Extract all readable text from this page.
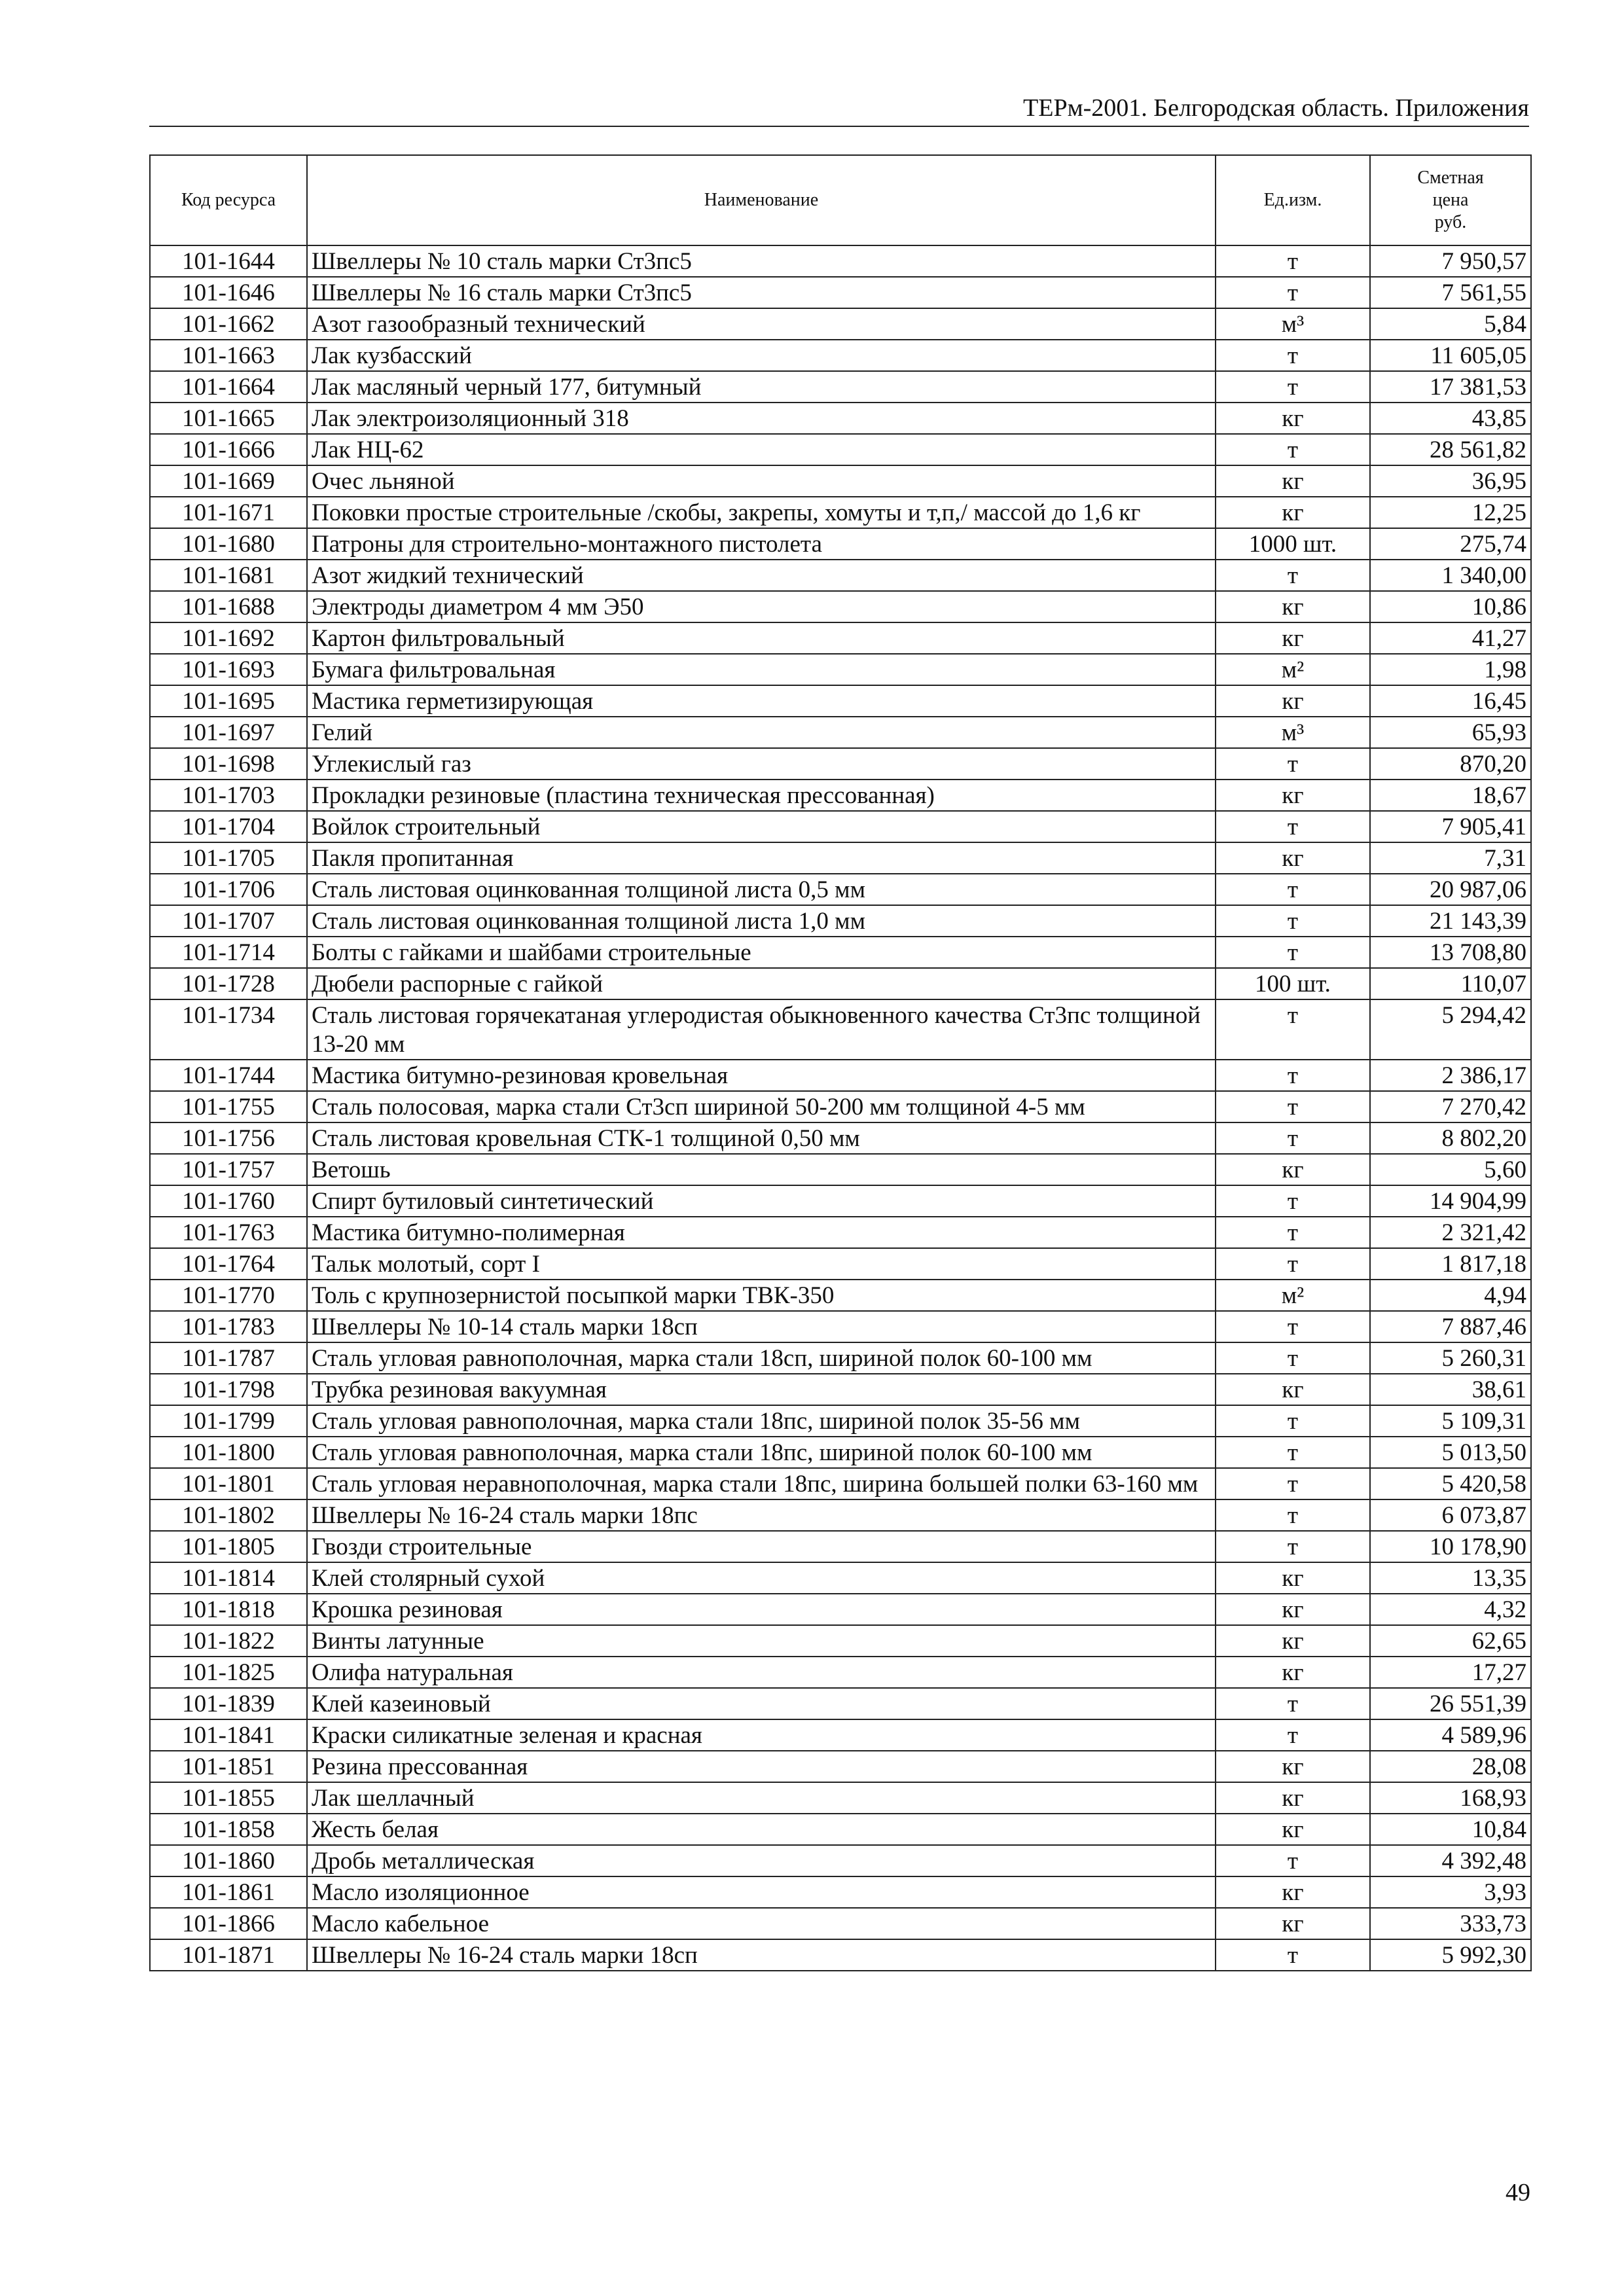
ТЕРм-2001. Белгородская область. Приложения
Код ресурса	Наименование	Ед.изм.	Сметная
цена
руб.

101-1644	Швеллеры № 10 сталь марки Ст3пс5	т	7 950,57
101-1646	Швеллеры № 16 сталь марки Ст3пс5	т	7 561,55
101-1662	Азот газообразный технический	м³	5,84
101-1663	Лак кузбасский	т	11 605,05
101-1664	Лак масляный черный 177, битумный	т	17 381,53
101-1665	Лак электроизоляционный 318	кг	43,85
101-1666	Лак НЦ-62	т	28 561,82
101-1669	Очес льняной	кг	36,95
101-1671	Поковки простые строительные /скобы, закрепы, хомуты и т,п,/ массой до 1,6 кг	кг	12,25
101-1680	Патроны для строительно-монтажного пистолета	1000 шт.	275,74
101-1681	Азот жидкий технический	т	1 340,00
101-1688	Электроды диаметром 4 мм Э50	кг	10,86
101-1692	Картон фильтровальный	кг	41,27
101-1693	Бумага фильтровальная	м²	1,98
101-1695	Мастика герметизирующая	кг	16,45
101-1697	Гелий	м³	65,93
101-1698	Углекислый газ	т	870,20
101-1703	Прокладки резиновые (пластина техническая прессованная)	кг	18,67
101-1704	Войлок строительный	т	7 905,41
101-1705	Пакля пропитанная	кг	7,31
101-1706	Сталь листовая оцинкованная толщиной листа 0,5 мм	т	20 987,06
101-1707	Сталь листовая оцинкованная толщиной листа 1,0 мм	т	21 143,39
101-1714	Болты с гайками и шайбами строительные	т	13 708,80
101-1728	Дюбели распорные с гайкой	100 шт.	110,07
101-1734	Сталь листовая горячекатаная углеродистая обыкновенного качества Ст3пс толщиной 13-20 мм	т	5 294,42
101-1744	Мастика битумно-резиновая кровельная	т	2 386,17
101-1755	Сталь полосовая, марка стали Ст3сп шириной 50-200 мм толщиной 4-5 мм	т	7 270,42
101-1756	Сталь листовая кровельная СТК-1 толщиной 0,50 мм	т	8 802,20
101-1757	Ветошь	кг	5,60
101-1760	Спирт бутиловый синтетический	т	14 904,99
101-1763	Мастика битумно-полимерная	т	2 321,42
101-1764	Тальк молотый, сорт I	т	1 817,18
101-1770	Толь с крупнозернистой посыпкой марки ТВК-350	м²	4,94
101-1783	Швеллеры № 10-14 сталь марки 18сп	т	7 887,46
101-1787	Сталь угловая равнополочная, марка стали 18сп, шириной полок 60-100 мм	т	5 260,31
101-1798	Трубка резиновая вакуумная	кг	38,61
101-1799	Сталь угловая равнополочная, марка стали 18пс, шириной полок 35-56 мм	т	5 109,31
101-1800	Сталь угловая равнополочная, марка стали 18пс, шириной полок 60-100 мм	т	5 013,50
101-1801	Сталь угловая неравнополочная, марка стали 18пс, ширина большей полки 63-160 мм	т	5 420,58
101-1802	Швеллеры № 16-24 сталь марки 18пс	т	6 073,87
101-1805	Гвозди строительные	т	10 178,90
101-1814	Клей столярный сухой	кг	13,35
101-1818	Крошка резиновая	кг	4,32
101-1822	Винты латунные	кг	62,65
101-1825	Олифа натуральная	кг	17,27
101-1839	Клей казеиновый	т	26 551,39
101-1841	Краски силикатные зеленая и красная	т	4 589,96
101-1851	Резина прессованная	кг	28,08
101-1855	Лак шеллачный	кг	168,93
101-1858	Жесть белая	кг	10,84
101-1860	Дробь металлическая	т	4 392,48
101-1861	Масло изоляционное	кг	3,93
101-1866	Масло кабельное	кг	333,73
101-1871	Швеллеры № 16-24 сталь марки 18сп	т	5 992,30
49
